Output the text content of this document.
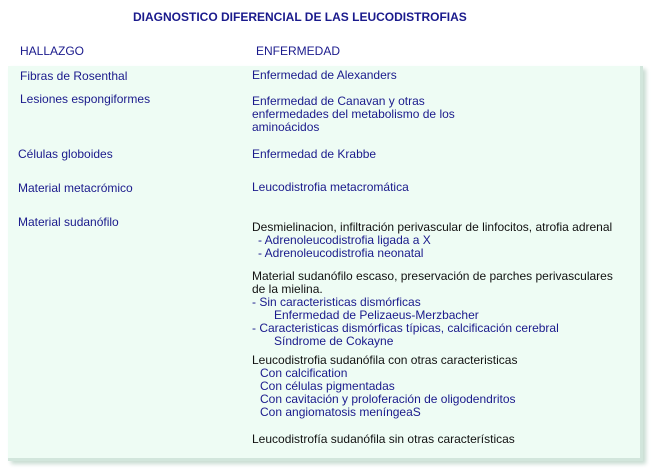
DIAGNOSTICO DIFERENCIAL DE LAS LEUCODISTROFIAS
HALLAZGO	ENFERMEDAD
Fibras de Rosenthal	Enfermedad de Alexanders
Lesiones espongiformes	Enfermedad de Canavan y otras
enfermedades del metabolismo de los
aminoácidos
Células globoides	Enfermedad de Krabbe
Material metacrómico	Leucodistrofia metacromática
Material sudanófilo	Desmielinacion, infiltración perivascular de linfocitos, atrofia adrenal
- Adrenoleucodistrofia ligada a X
- Adrenoleucodistrofia neonatal
Material sudanófilo escaso, preservación de parches perivasculares
de la mielina.
- Sin caracteristicas dismórficas
Enfermedad de Pelizaeus-Merzbacher
- Caracteristicas dismórficas típicas, calcificación cerebral
Síndrome de Cokayne
Leucodistrofia sudanófila con otras caracteristicas
Con calcification
Con células pigmentadas
Con cavitación y proloferación de oligodendritos
Con angiomatosis meníngeaS
Leucodistrofía sudanófila sin otras características
